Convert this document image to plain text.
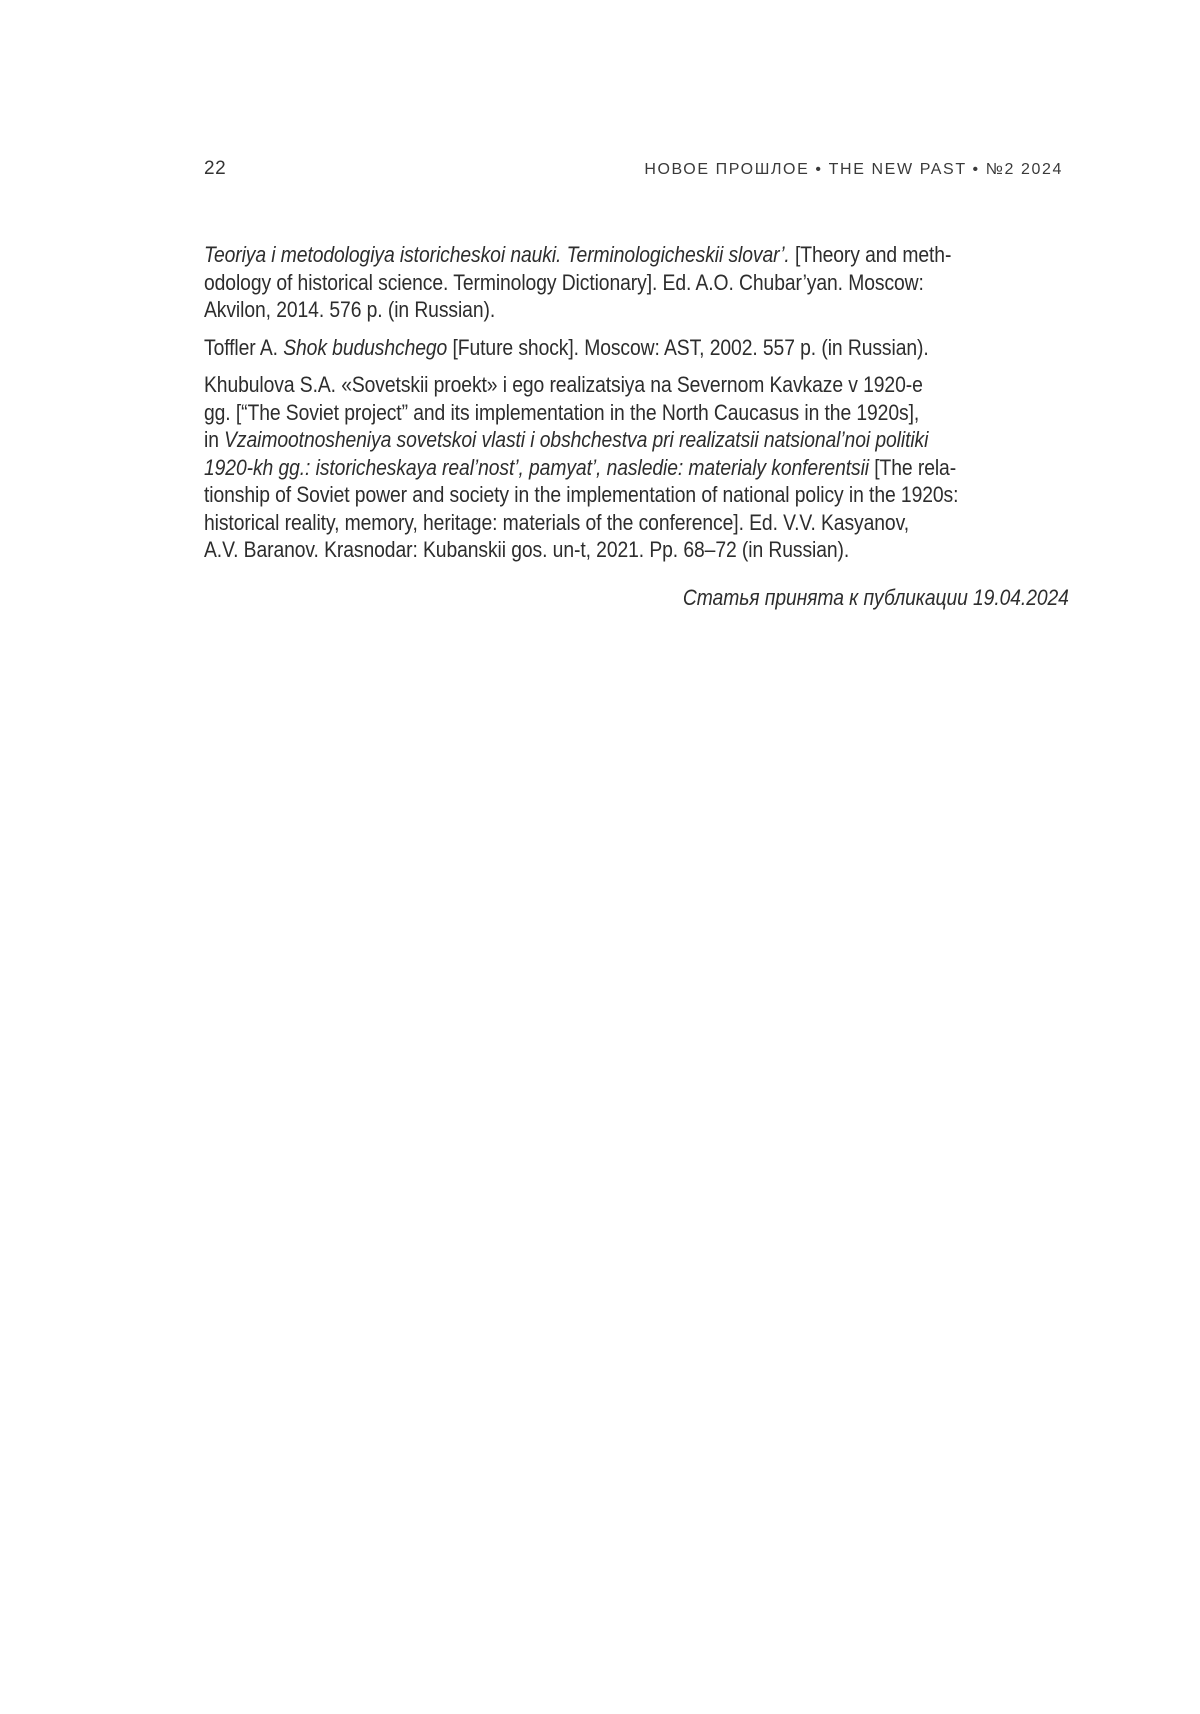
22	НОВОЕ ПРОШЛОЕ • THE NEW PAST • №2 2024

Teoriya i metodologiya istoricheskoi nauki. Terminologicheskii slovar’. [Theory and meth-
odology of historical science. Terminology Dictionary]. Ed. A.O. Chubar’yan. Moscow:
Akvilon, 2014. 576 p. (in Russian).

Toffler A. Shok budushchego [Future shock]. Moscow: AST, 2002. 557 p. (in Russian).

Khubulova S.A. «Sovetskii proekt» i ego realizatsiya na Severnom Kavkaze v 1920-e
gg. [“The Soviet project” and its implementation in the North Caucasus in the 1920s],
in Vzaimootnosheniya sovetskoi vlasti i obshchestva pri realizatsii natsional’noi politiki
1920-kh gg.: istoricheskaya real’nost’, pamyat’, nasledie: materialy konferentsii [The rela-
tionship of Soviet power and society in the implementation of national policy in the 1920s:
historical reality, memory, heritage: materials of the conference]. Ed. V.V. Kasyanov,
A.V. Baranov. Krasnodar: Kubanskii gos. un-t, 2021. Pp. 68–72 (in Russian).

Статья принята к публикации 19.04.2024
